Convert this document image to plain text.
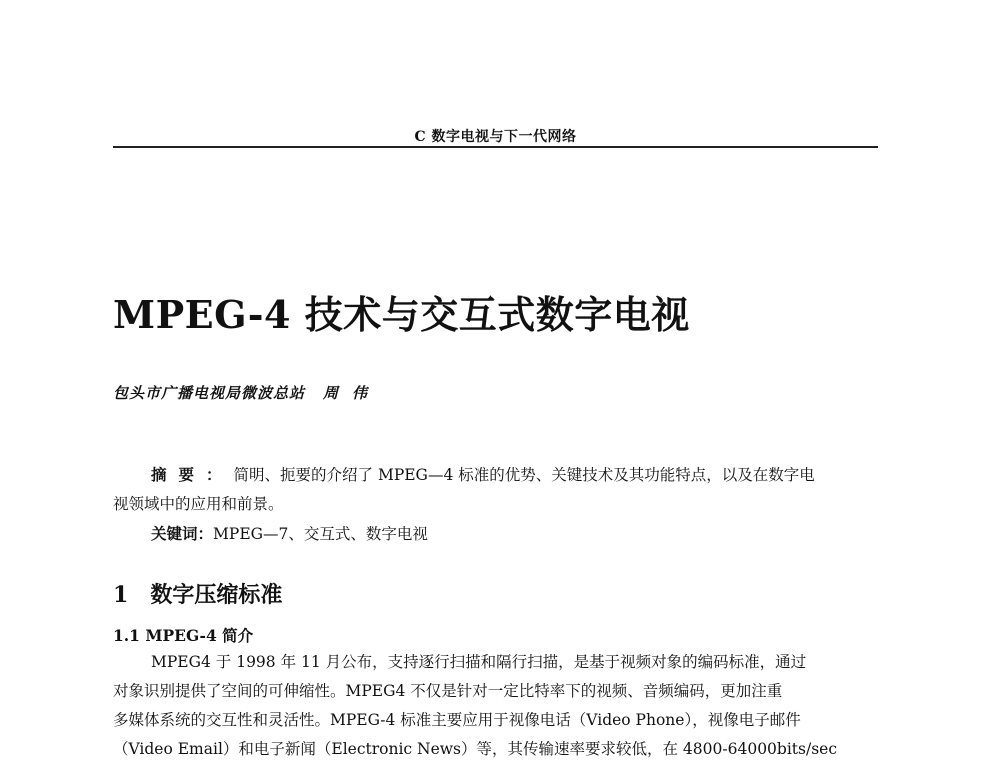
C 数字电视与下一代网络
MPEG-4 技术与交互式数字电视
包头市广播电视局微波总站 周伟

摘要：简明、扼要的介绍了 MPEG—4 标准的优势、关键技术及其功能特点，以及在数字电

视领域中的应用和前景。

关键词：MPEG—7、交互式、数字电视

1 数字压缩标准
1.1 MPEG-4 简介

MPEG4 于 1998 年 11 月公布，支持逐行扫描和隔行扫描，是基于视频对象的编码标准，通过

对象识别提供了空间的可伸缩性。MPEG4 不仅是针对一定比特率下的视频、音频编码，更加注重

多媒体系统的交互性和灵活性。MPEG-4 标准主要应用于视像电话（Video Phone），视像电子邮件

（Video Email）和电子新闻（Electronic News）等，其传输速率要求较低，在 4800-64000bits/sec
